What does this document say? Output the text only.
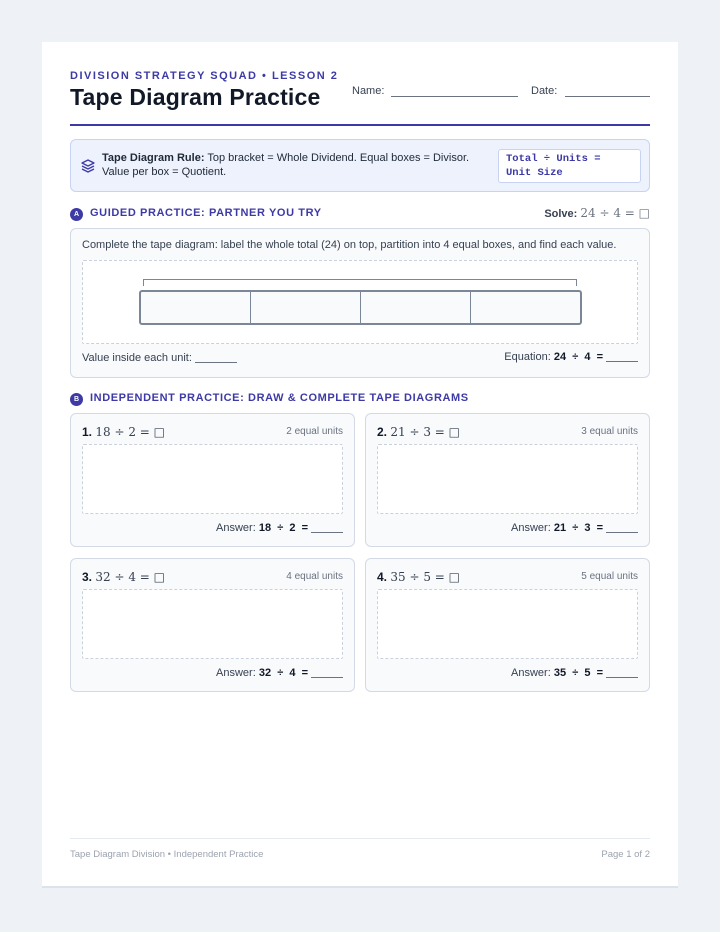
DIVISION STRATEGY SQUAD • LESSON 2
Tape Diagram Practice	Name:	Date:
Tape Diagram Rule: Top bracket = Whole Dividend. Equal boxes = Divisor. Value per box = Quotient.
Total ÷ Units =
Unit Size
A GUIDED PRACTICE: PARTNER YOU TRY	Solve: 24 ÷ 4 = □
Complete the tape diagram: label the whole total (24) on top, partition into 4 equal boxes, and find each value.
Value inside each unit:	Equation: 24  ÷  4  =
B INDEPENDENT PRACTICE: DRAW & COMPLETE TAPE DIAGRAMS
1. 18 ÷ 2 = □	2 equal units
Answer: 18  ÷  2  =
2. 21 ÷ 3 = □	3 equal units
Answer: 21  ÷  3  =
3. 32 ÷ 4 = □	4 equal units
Answer: 32  ÷  4  =
4. 35 ÷ 5 = □	5 equal units
Answer: 35  ÷  5  =
Tape Diagram Division • Independent Practice	Page 1 of 2
